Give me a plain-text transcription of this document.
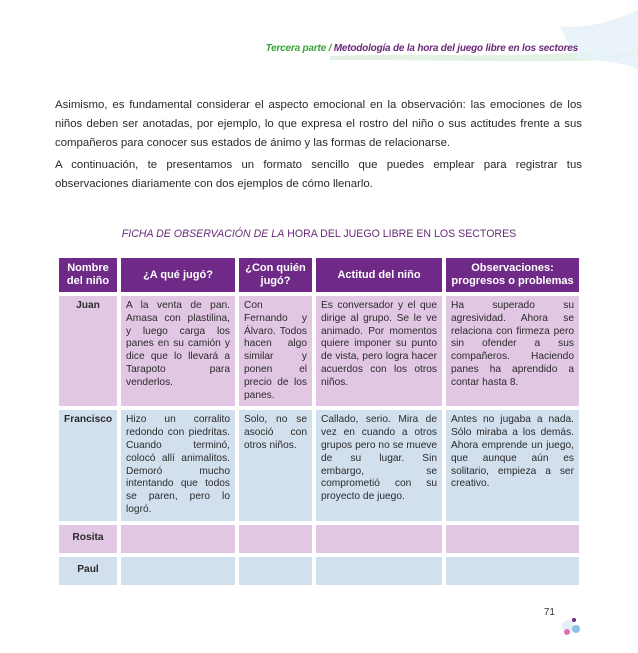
Tercera parte / Metodología de la hora del juego libre en los sectores

Asimismo, es fundamental considerar el aspecto emocional en la observación: las emociones de los niños deben ser anotadas, por ejemplo, lo que expresa el rostro del niño o sus actitudes frente a sus compañeros para conocer sus estados de ánimo y las formas de relacionarse.

A continuación, te presentamos un formato sencillo que puedes emplear para registrar tus observaciones diariamente con dos ejemplos de cómo llenarlo.

FICHA DE OBSERVACIÓN DE LA HORA DEL JUEGO LIBRE EN LOS SECTORES
Nombre del niño	¿A qué jugó?	¿Con quién jugó?	Actitud del niño	Observaciones: progresos o problemas
Juan	A la venta de pan. Amasa con plastilina, y luego carga los panes en su camión y dice que lo llevará a Tarapoto para venderlos.	Con Fernando y Álvaro. Todos hacen algo similar y ponen el precio de los panes.	Es conversador y el que dirige al grupo. Se le ve animado. Por momentos quiere imponer su punto de vista, pero logra hacer acuerdos con los otros niños.	Ha superado su agresividad. Ahora se relaciona con firmeza pero sin ofender a sus compañeros. Haciendo panes ha aprendido a contar hasta 8.
Francisco	Hizo un corralito redondo con piedritas. Cuando terminó, colocó allí animalitos. Demoró mucho intentando que todos se paren, pero lo logró.	Solo, no se asoció con otros niños.	Callado, serio. Mira de vez en cuando a otros grupos pero no se mueve de su lugar. Sin embargo, se comprometió con su proyecto de juego.	Antes no jugaba a nada. Sólo miraba a los demás. Ahora emprende un juego, que aunque aún es solitario, empieza a ser creativo.
Rosita				
Paul				
71
